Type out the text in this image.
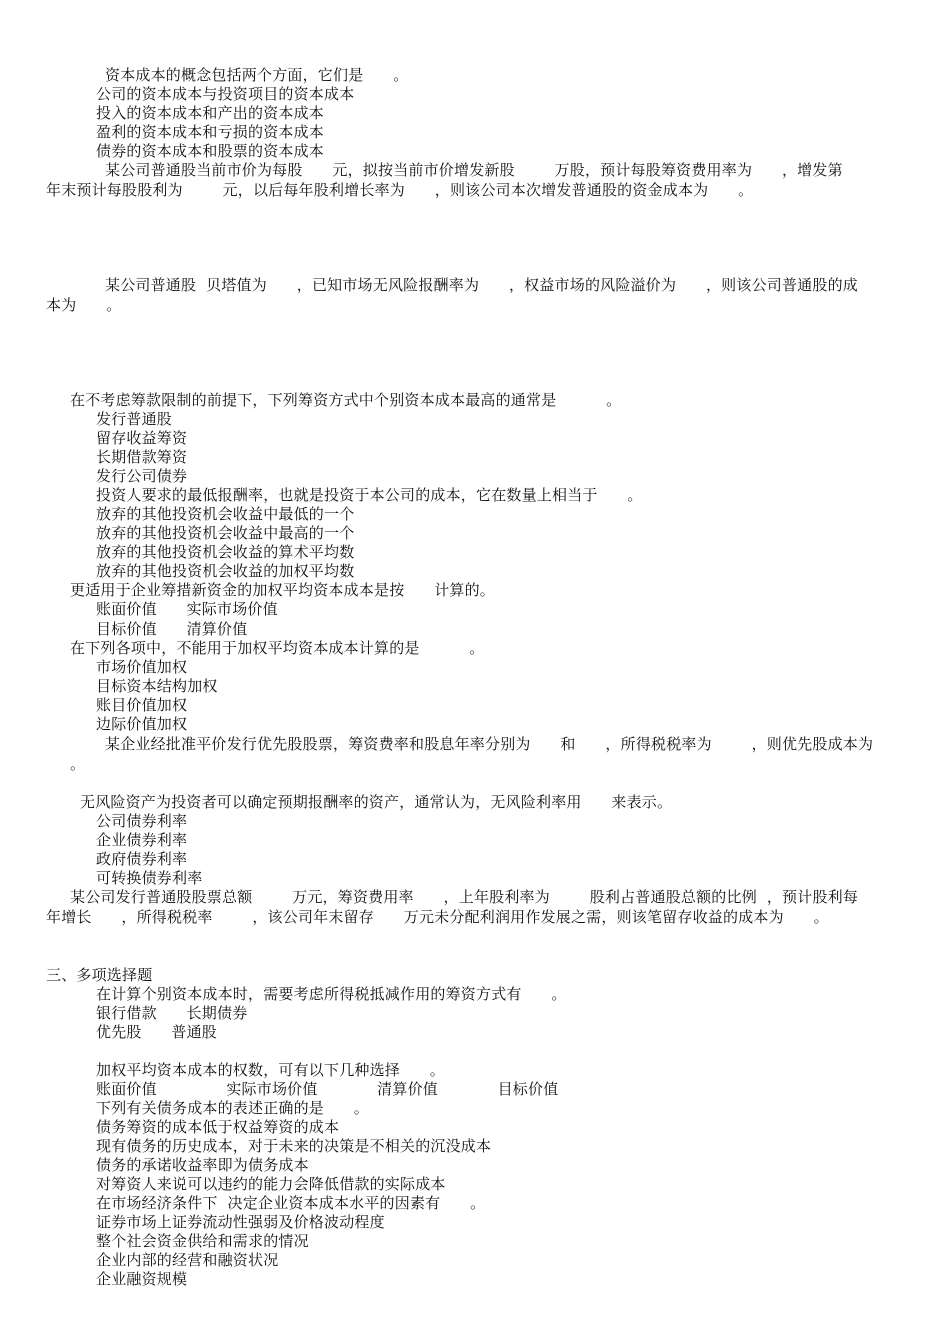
资本成本的概念包括两个方面，它们是      。
公司的资本成本与投资项目的资本成本
投入的资本成本和产出的资本成本
盈利的资本成本和亏损的资本成本
债券的资本成本和股票的资本成本
某公司普通股当前市价为每股      元，拟按当前市价增发新股        万股，预计每股筹资费用率为      ，增发第
年末预计每股股利为        元，以后每年股利增长率为      ，则该公司本次增发普通股的资金成本为      。
某公司普通股  贝塔值为      ，已知市场无风险报酬率为      ，权益市场的风险溢价为      ，则该公司普通股的成
本为      。
在不考虑筹款限制的前提下，下列筹资方式中个别资本成本最高的通常是          。
发行普通股
留存收益筹资
长期借款筹资
发行公司债券
投资人要求的最低报酬率，也就是投资于本公司的成本，它在数量上相当于      。
放弃的其他投资机会收益中最低的一个
放弃的其他投资机会收益中最高的一个
放弃的其他投资机会收益的算术平均数
放弃的其他投资机会收益的加权平均数
更适用于企业筹措新资金的加权平均资本成本是按      计算的。
账面价值      实际市场价值
目标价值      清算价值
在下列各项中，不能用于加权平均资本成本计算的是          。
市场价值加权
目标资本结构加权
账目价值加权
边际价值加权
某企业经批准平价发行优先股股票，筹资费率和股息年率分别为      和      ，所得税税率为        ，则优先股成本为
。
无风险资产为投资者可以确定预期报酬率的资产，通常认为，无风险利率用      来表示。
公司债券利率
企业债券利率
政府债券利率
可转换债券利率
某公司发行普通股股票总额        万元，筹资费用率      ，上年股利率为        股利占普通股总额的比例  ，预计股利每
年增长      ，所得税税率        ，该公司年末留存      万元未分配利润用作发展之需，则该笔留存收益的成本为      。
三、多项选择题
在计算个别资本成本时，需要考虑所得税抵减作用的筹资方式有      。
银行借款      长期债券
优先股      普通股
加权平均资本成本的权数，可有以下几种选择      。
账面价值              实际市场价值            清算价值            目标价值
下列有关债务成本的表述正确的是      。
债务筹资的成本低于权益筹资的成本
现有债务的历史成本，对于未来的决策是不相关的沉没成本
债务的承诺收益率即为债务成本
对筹资人来说可以违约的能力会降低借款的实际成本
在市场经济条件下  决定企业资本成本水平的因素有      。
证券市场上证券流动性强弱及价格波动程度
整个社会资金供给和需求的情况
企业内部的经营和融资状况
企业融资规模
